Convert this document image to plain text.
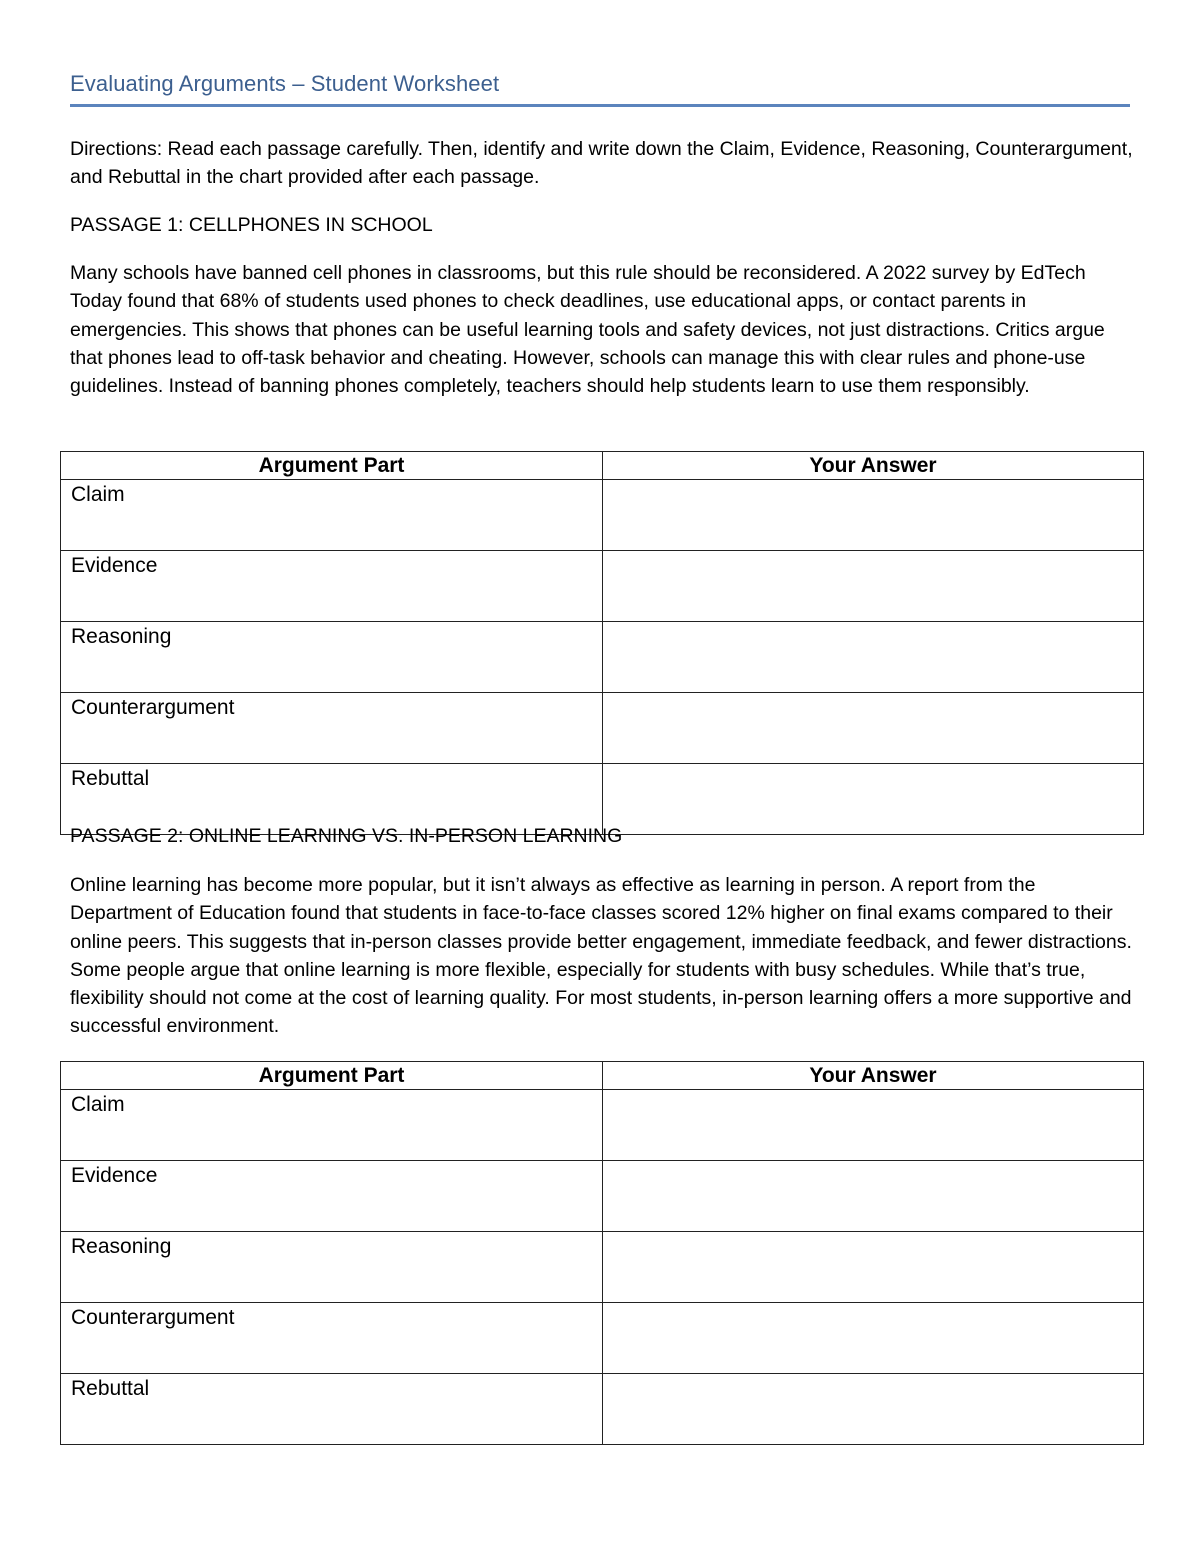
Evaluating Arguments – Student Worksheet

Directions: Read each passage carefully. Then, identify and write down the Claim, Evidence, Reasoning, Counterargument, and Rebuttal in the chart provided after each passage.

PASSAGE 1: CELLPHONES IN SCHOOL

Many schools have banned cell phones in classrooms, but this rule should be reconsidered. A 2022 survey by EdTech Today found that 68% of students used phones to check deadlines, use educational apps, or contact parents in emergencies. This shows that phones can be useful learning tools and safety devices, not just distractions. Critics argue that phones lead to off-task behavior and cheating. However, schools can manage this with clear rules and phone-use guidelines. Instead of banning phones completely, teachers should help students learn to use them responsibly.

Argument Part	Your Answer
Claim	
Evidence	
Reasoning	
Counterargument	
Rebuttal	

PASSAGE 2: ONLINE LEARNING VS. IN-PERSON LEARNING

Online learning has become more popular, but it isn’t always as effective as learning in person. A report from the Department of Education found that students in face-to-face classes scored 12% higher on final exams compared to their online peers. This suggests that in-person classes provide better engagement, immediate feedback, and fewer distractions. Some people argue that online learning is more flexible, especially for students with busy schedules. While that’s true, flexibility should not come at the cost of learning quality. For most students, in-person learning offers a more supportive and successful environment.

Argument Part	Your Answer
Claim	
Evidence	
Reasoning	
Counterargument	
Rebuttal	
